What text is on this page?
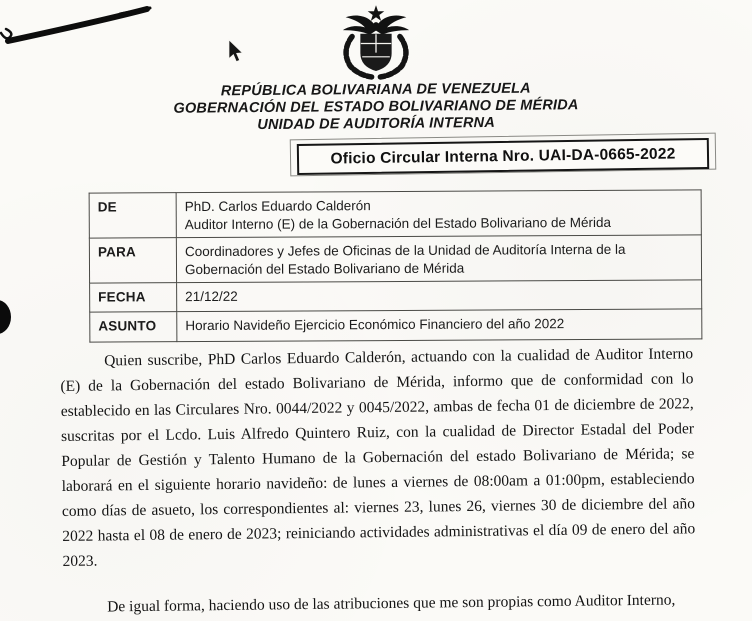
REPÚBLICA BOLIVARIANA DE VENEZUELA
GOBERNACIÓN DEL ESTADO BOLIVARIANO DE MÉRIDA
UNIDAD DE AUDITORÍA INTERNA
Oficio Circular Interna Nro. UAI-DA-0665-2022
DE	PhD. Carlos Eduardo Calderón
Auditor Interno (E) de la Gobernación del Estado Bolivariano de Mérida
PARA	Coordinadores y Jefes de Oficinas de la Unidad de Auditoría Interna de la Gobernación del Estado Bolivariano de Mérida
FECHA	21/12/22
ASUNTO	Horario Navideño Ejercicio Económico Financiero del año 2022

Quien suscribe, PhD Carlos Eduardo Calderón, actuando con la cualidad de Auditor Interno (E) de la Gobernación del estado Bolivariano de Mérida, informo que de conformidad con lo establecido en las Circulares Nro. 0044/2022 y 0045/2022, ambas de fecha 01 de diciembre de 2022, suscritas por el Lcdo. Luis Alfredo Quintero Ruiz, con la cualidad de Director Estadal del Poder Popular de Gestión y Talento Humano de la Gobernación del estado Bolivariano de Mérida; se laborará en el siguiente horario navideño: de lunes a viernes de 08:00am a 01:00pm, estableciendo como días de asueto, los correspondientes al: viernes 23, lunes 26, viernes 30 de diciembre del año 2022 hasta el 08 de enero de 2023; reiniciando actividades administrativas el día 09 de enero del año 2023.

De igual forma, haciendo uso de las atribuciones que me son propias como Auditor Interno,
